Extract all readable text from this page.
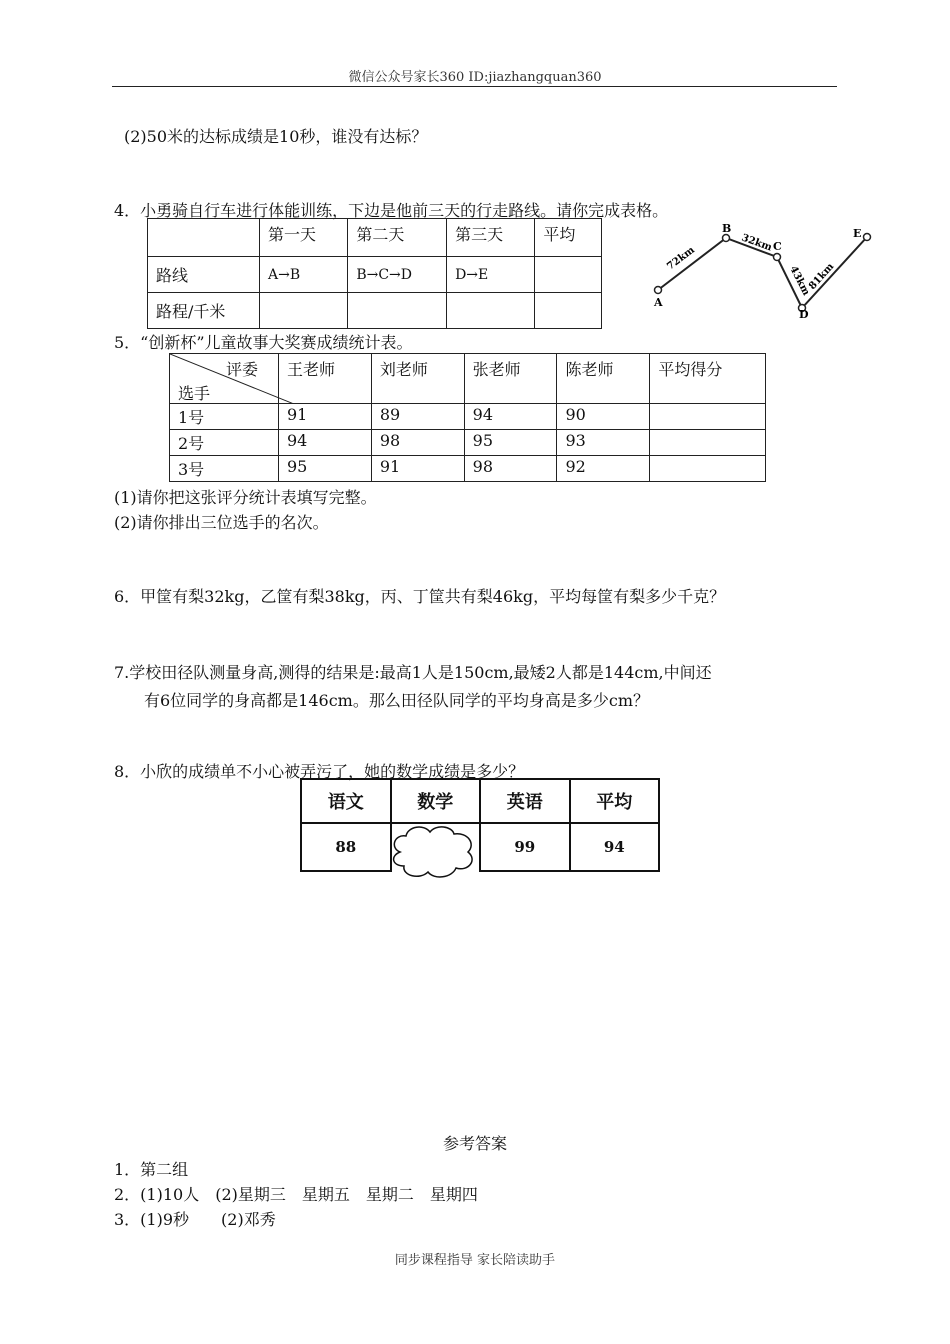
微信公众号家长360 ID:jiazhangquan360
(2)50米的达标成绩是10秒，谁没有达标？
4．小勇骑自行车进行体能训练，下边是他前三天的行走路线。请你完成表格。
	第一天	第二天	第三天	平均
路线	A→B	B→C→D	D→E	
路程/千米					A
B
C
D
E
72km
32km
43km
81km
5．“创新杯”儿童故事大奖赛成绩统计表。
评委
选手	王老师	刘老师	张老师	陈老师	平均得分
1号	91	89	94	90	
2号	94	98	95	93	
3号	95	91	98	92	
(1)请你把这张评分统计表填写完整。
(2)请你排出三位选手的名次。
6．甲筐有梨32kg，乙筐有梨38kg，丙、丁筐共有梨46kg，平均每筐有梨多少千克？
7.学校田径队测量身高,测得的结果是:最高1人是150cm,最矮2人都是144cm,中间还
有6位同学的身高都是146cm。那么田径队同学的平均身高是多少cm？
8．小欣的成绩单不小心被弄污了，她的数学成绩是多少？
语文	数学	英语	平均
88		99	94
参考答案
1．第二组
2．(1)10人　(2)星期三　星期五　星期二　星期四
3．(1)9秒　　(2)邓秀
同步课程指导 家长陪读助手
